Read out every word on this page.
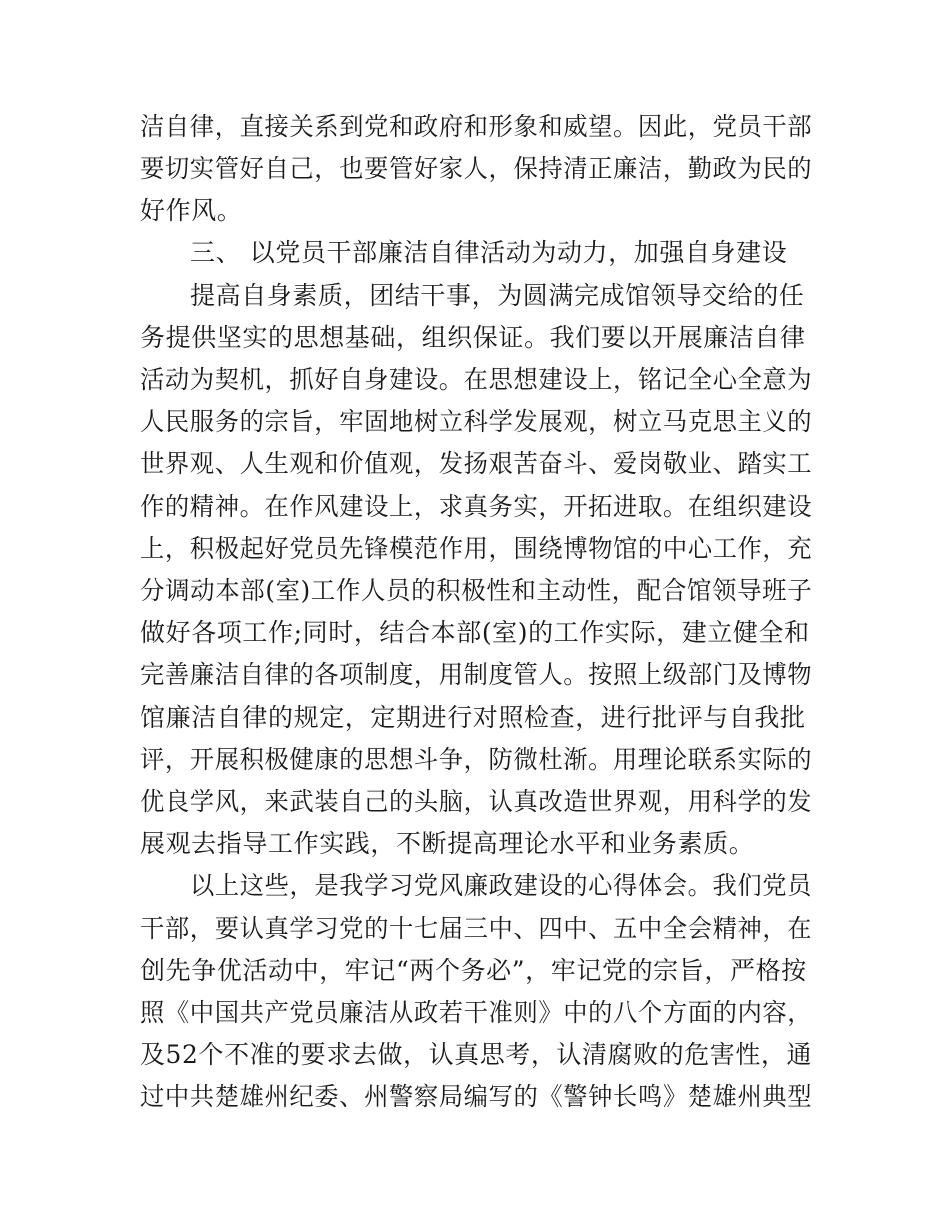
洁自律，直接关系到党和政府和形象和威望。因此，党员干部
要切实管好自己，也要管好家人，保持清正廉洁，勤政为民的
好作风。
三、 以党员干部廉洁自律活动为动力，加强自身建设
提高自身素质，团结干事，为圆满完成馆领导交给的任
务提供坚实的思想基础，组织保证。我们要以开展廉洁自律
活动为契机，抓好自身建设。在思想建设上，铭记全心全意为
人民服务的宗旨，牢固地树立科学发展观，树立马克思主义的
世界观、人生观和价值观，发扬艰苦奋斗、爱岗敬业、踏实工
作的精神。在作风建设上，求真务实，开拓进取。在组织建设
上，积极起好党员先锋模范作用，围绕博物馆的中心工作，充
分调动本部(室)工作人员的积极性和主动性，配合馆领导班子
做好各项工作;同时，结合本部(室)的工作实际，建立健全和
完善廉洁自律的各项制度，用制度管人。按照上级部门及博物
馆廉洁自律的规定，定期进行对照检查，进行批评与自我批
评，开展积极健康的思想斗争，防微杜渐。用理论联系实际的
优良学风，来武装自己的头脑，认真改造世界观，用科学的发
展观去指导工作实践，不断提高理论水平和业务素质。
以上这些，是我学习党风廉政建设的心得体会。我们党员
干部，要认真学习党的十七届三中、四中、五中全会精神，在
创先争优活动中，牢记“两个务必”，牢记党的宗旨，严格按
照《中国共产党员廉洁从政若干准则》中的八个方面的内容，
及52个不准的要求去做，认真思考，认清腐败的危害性，通
过中共楚雄州纪委、州警察局编写的《警钟长鸣》楚雄州典型
